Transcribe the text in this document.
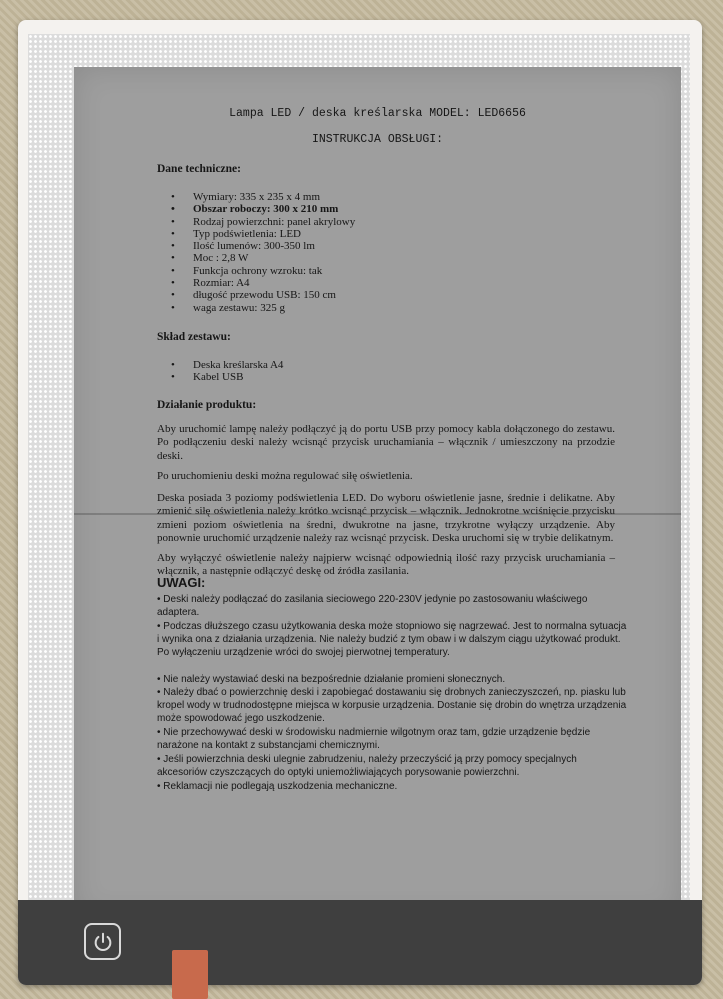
Lampa LED / deska kreślarska MODEL: LED6656
INSTRUKCJA OBSŁUGI:
Dane techniczne:
• Wymiary: 335 x 235 x 4 mm
• Obszar roboczy: 300 x 210 mm
• Rodzaj powierzchni: panel akrylowy
• Typ podświetlenia: LED
• Ilość lumenów: 300-350 lm
• Moc : 2,8 W
• Funkcja ochrony wzroku: tak
• Rozmiar: A4
• długość przewodu USB: 150 cm
• waga zestawu: 325 g
Skład zestawu:
• Deska kreślarska A4
• Kabel USB
Działanie produktu:
Aby uruchomić lampę należy podłączyć ją do portu USB przy pomocy kabla dołączonego do zestawu. Po podłączeniu deski należy wcisnąć przycisk uruchamiania – włącznik / umieszczony na przodzie deski.
Po uruchomieniu deski można regulować siłę oświetlenia.
Deska posiada 3 poziomy podświetlenia LED. Do wyboru oświetlenie jasne, średnie i delikatne. Aby zmienić siłę oświetlenia należy krótko wcisnąć przycisk – włącznik. Jednokrotne wciśnięcie przycisku zmieni poziom oświetlenia na średni, dwukrotne na jasne, trzykrotne wyłączy urządzenie. Aby ponownie uruchomić urządzenie należy raz wcisnąć przycisk. Deska uruchomi się w trybie delikatnym.
Aby wyłączyć oświetlenie należy najpierw wcisnąć odpowiednią ilość razy przycisk uruchamiania – włącznik, a następnie odłączyć deskę od źródła zasilania.
UWAGI:
• Deski należy podłączać do zasilania sieciowego 220-230V jedynie po zastosowaniu właściwego adaptera.
• Podczas dłuższego czasu użytkowania deska może stopniowo się nagrzewać. Jest to normalna sytuacja i wynika ona z działania urządzenia. Nie należy budzić z tym obaw i w dalszym ciągu użytkować produkt. Po wyłączeniu urządzenie wróci do swojej pierwotnej temperatury.
• Nie należy wystawiać deski na bezpośrednie działanie promieni słonecznych.
• Należy dbać o powierzchnię deski i zapobiegać dostawaniu się drobnych zanieczyszczeń, np. piasku lub kropel wody w trudnodostępne miejsca w korpusie urządzenia. Dostanie się drobin do wnętrza urządzenia może spowodować jego uszkodzenie.
• Nie przechowywać deski w środowisku nadmiernie wilgotnym oraz tam, gdzie urządzenie będzie narażone na kontakt z substancjami chemicznymi.
• Jeśli powierzchnia deski ulegnie zabrudzeniu, należy przeczyścić ją przy pomocy specjalnych akcesoriów czyszczących do optyki uniemożliwiających porysowanie powierzchni.
• Reklamacji nie podlegają uszkodzenia mechaniczne.
